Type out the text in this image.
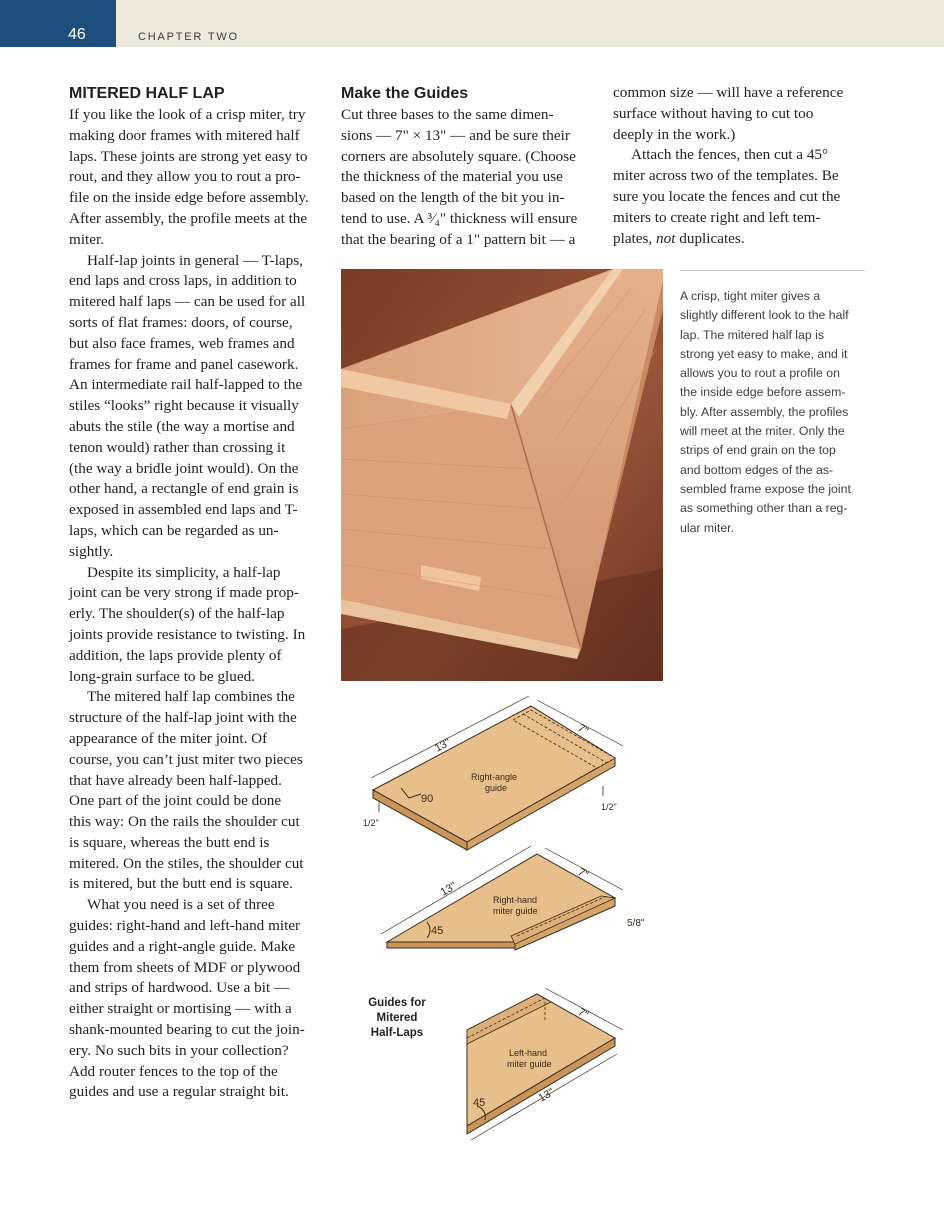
46	CHAPTER TWO
MITERED HALF LAP
If you like the look of a crisp miter, try
making door frames with mitered half
laps. These joints are strong yet easy to
rout, and they allow you to rout a pro-
file on the inside edge before assembly.
After assembly, the profile meets at the
miter.
Half-lap joints in general — T-laps,
end laps and cross laps, in addition to
mitered half laps — can be used for all
sorts of flat frames: doors, of course,
but also face frames, web frames and
frames for frame and panel casework.
An intermediate rail half-lapped to the
stiles “looks” right because it visually
abuts the stile (the way a mortise and
tenon would) rather than crossing it
(the way a bridle joint would). On the
other hand, a rectangle of end grain is
exposed in assembled end laps and T-
laps, which can be regarded as un-
sightly.
Despite its simplicity, a half-lap
joint can be very strong if made prop-
erly. The shoulder(s) of the half-lap
joints provide resistance to twisting. In
addition, the laps provide plenty of
long-grain surface to be glued.
The mitered half lap combines the
structure of the half-lap joint with the
appearance of the miter joint. Of
course, you can’t just miter two pieces
that have already been half-lapped.
One part of the joint could be done
this way: On the rails the shoulder cut
is square, whereas the butt end is
mitered. On the stiles, the shoulder cut
is mitered, but the butt end is square.
What you need is a set of three
guides: right-hand and left-hand miter
guides and a right-angle guide. Make
them from sheets of MDF or plywood
and strips of hardwood. Use a bit —
either straight or mortising — with a
shank-mounted bearing to cut the join-
ery. No such bits in your collection?
Add router fences to the top of the
guides and use a regular straight bit.
Make the Guides
Cut three bases to the same dimen-
sions — 7" × 13" — and be sure their
corners are absolutely square. (Choose
the thickness of the material you use
based on the length of the bit you in-
tend to use. A ³⁄₄" thickness will ensure
that the bearing of a 1" pattern bit — a
common size — will have a reference
surface without having to cut too
deeply in the work.)
Attach the fences, then cut a 45°
miter across two of the templates. Be
sure you locate the fences and cut the
miters to create right and left tem-
plates, not duplicates.
A crisp, tight miter gives a
slightly different look to the half
lap. The mitered half lap is
strong yet easy to make, and it
allows you to rout a profile on
the inside edge before assem-
bly. After assembly, the profiles
will meet at the miter. Only the
strips of end grain on the top
and bottom edges of the as-
sembled frame expose the joint
as something other than a reg-
ular miter.
13"
7"
Right-angle
guide
90
1/2"
1/2"
13"
7"
Right-hand
miter guide
45
5/8"
7"
Left-hand
miter guide
45	13"
Guides for
Mitered
Half-Laps
